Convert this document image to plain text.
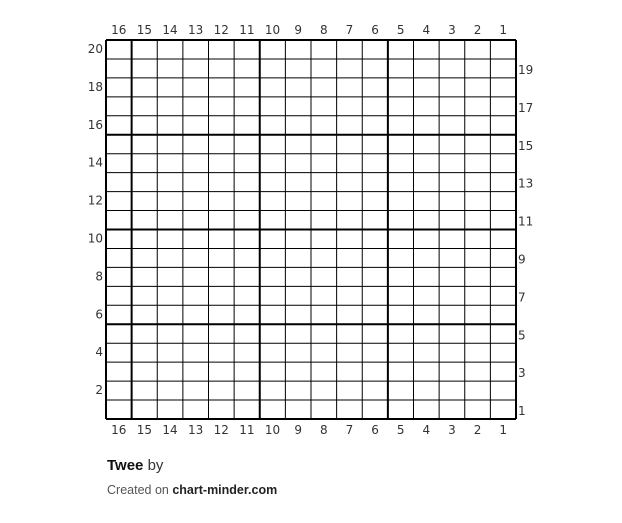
16 15 14 13 12 11 10 9 8 7 6 5 4 3 2 1
16 15 14 13 12 11 10 9 8 7 6 5 4 3 2 1
20
18
16
14
12
10
8
6
4
2
19
17
15
13
11
9
7
5
3
1
Twee by
Created on chart-minder.com
